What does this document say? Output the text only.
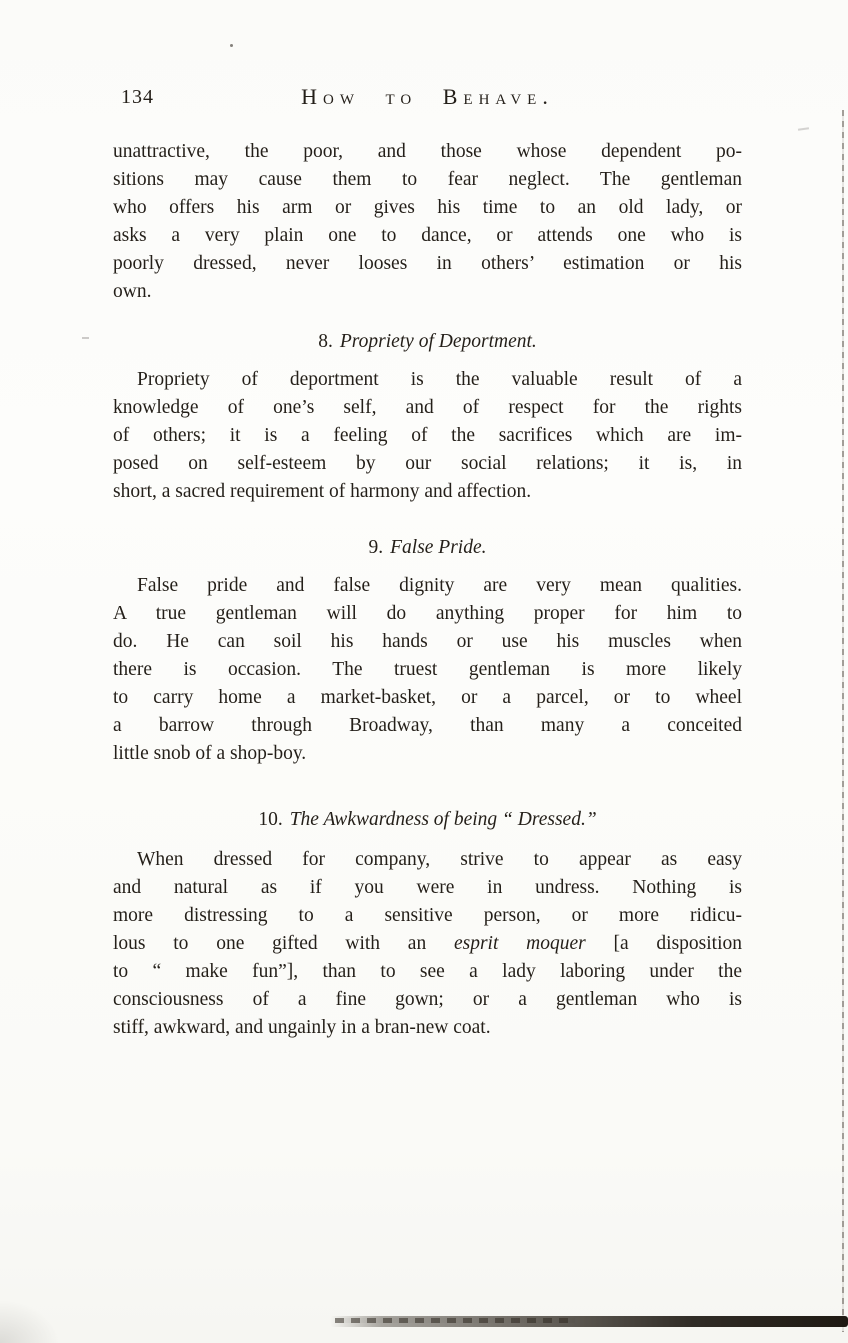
134	How to Behave.
unattractive, the poor, and those whose dependent po-
sitions may cause them to fear neglect. The gentleman
who offers his arm or gives his time to an old lady, or
asks a very plain one to dance, or attends one who is
poorly dressed, never looses in others’ estimation or his
own.
8. Propriety of Deportment.
Propriety of deportment is the valuable result of a
knowledge of one’s self, and of respect for the rights
of others; it is a feeling of the sacrifices which are im-
posed on self-esteem by our social relations; it is, in
short, a sacred requirement of harmony and affection.
9. False Pride.
False pride and false dignity are very mean qualities.
A true gentleman will do anything proper for him to
do. He can soil his hands or use his muscles when
there is occasion. The truest gentleman is more likely
to carry home a market-basket, or a parcel, or to wheel
a barrow through Broadway, than many a conceited
little snob of a shop-boy.
10. The Awkwardness of being “ Dressed.”
When dressed for company, strive to appear as easy
and natural as if you were in undress. Nothing is
more distressing to a sensitive person, or more ridicu-
lous to one gifted with an esprit moquer [a disposition
to “ make fun”], than to see a lady laboring under the
consciousness of a fine gown; or a gentleman who is
stiff, awkward, and ungainly in a bran-new coat.
